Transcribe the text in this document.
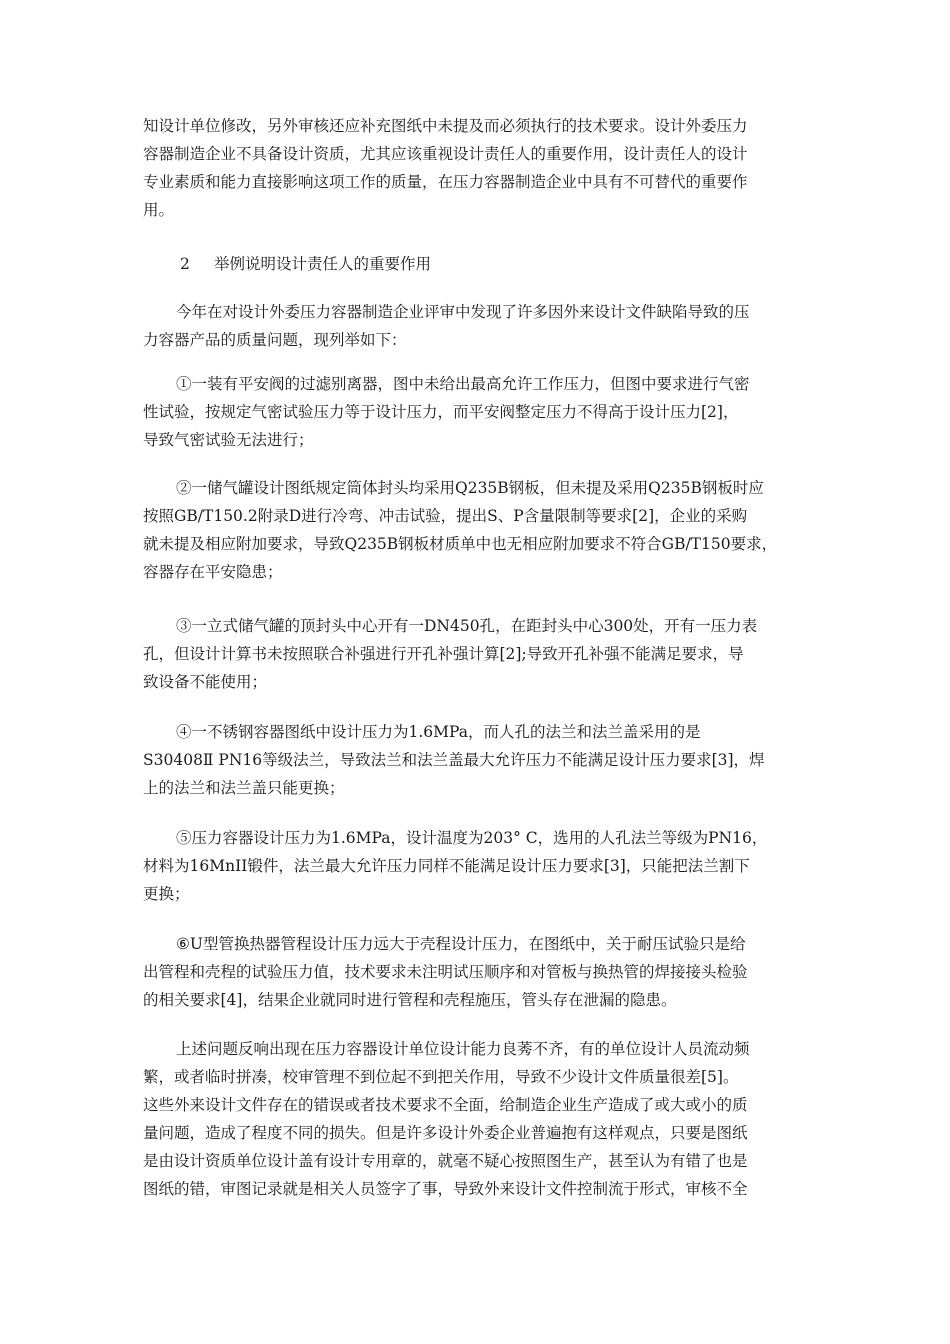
知设计单位修改，另外审核还应补充图纸中未提及而必须执行的技术要求。设计外委压力
容器制造企业不具备设计资质，尤其应该重视设计责任人的重要作用，设计责任人的设计
专业素质和能力直接影响这项工作的质量，在压力容器制造企业中具有不可替代的重要作
用。
2 举例说明设计责任人的重要作用
今年在对设计外委压力容器制造企业评审中发现了许多因外来设计文件缺陷导致的压
力容器产品的质量问题，现列举如下：
①一装有平安阀的过滤别离器，图中未给出最高允许工作压力，但图中要求进行气密
性试验，按规定气密试验压力等于设计压力，而平安阀整定压力不得高于设计压力[2]，
导致气密试验无法进行；
②一储气罐设计图纸规定筒体封头均采用Q235B钢板，但未提及采用Q235B钢板时应
按照GB/T150.2附录D进行冷弯、冲击试验，提出S、P含量限制等要求[2]，企业的采购
就未提及相应附加要求，导致Q235B钢板材质单中也无相应附加要求不符合GB/T150要求，
容器存在平安隐患；
③一立式储气罐的顶封头中心开有一DN450孔，在距封头中心300处，开有一压力表
孔，但设计计算书未按照联合补强进行开孔补强计算[2];导致开孔补强不能满足要求，导
致设备不能使用；
④一不锈钢容器图纸中设计压力为1.6MPa，而人孔的法兰和法兰盖采用的是
S30408Ⅱ PN16等级法兰，导致法兰和法兰盖最大允许压力不能满足设计压力要求[3]，焊
上的法兰和法兰盖只能更换；
⑤压力容器设计压力为1.6MPa，设计温度为203° C，选用的人孔法兰等级为PN16，
材料为16MnII锻件，法兰最大允许压力同样不能满足设计压力要求[3]，只能把法兰割下
更换；
⑥U型管换热器管程设计压力远大于壳程设计压力，在图纸中，关于耐压试验只是给
出管程和壳程的试验压力值，技术要求未注明试压顺序和对管板与换热管的焊接接头检验
的相关要求[4]，结果企业就同时进行管程和壳程施压，管头存在泄漏的隐患。
上述问题反响出现在压力容器设计单位设计能力良莠不齐，有的单位设计人员流动频
繁，或者临时拼凑，校审管理不到位起不到把关作用，导致不少设计文件质量很差[5]。
这些外来设计文件存在的错误或者技术要求不全面，给制造企业生产造成了或大或小的质
量问题，造成了程度不同的损失。但是许多设计外委企业普遍抱有这样观点，只要是图纸
是由设计资质单位设计盖有设计专用章的，就毫不疑心按照图生产，甚至认为有错了也是
图纸的错，审图记录就是相关人员签字了事，导致外来设计文件控制流于形式，审核不全
